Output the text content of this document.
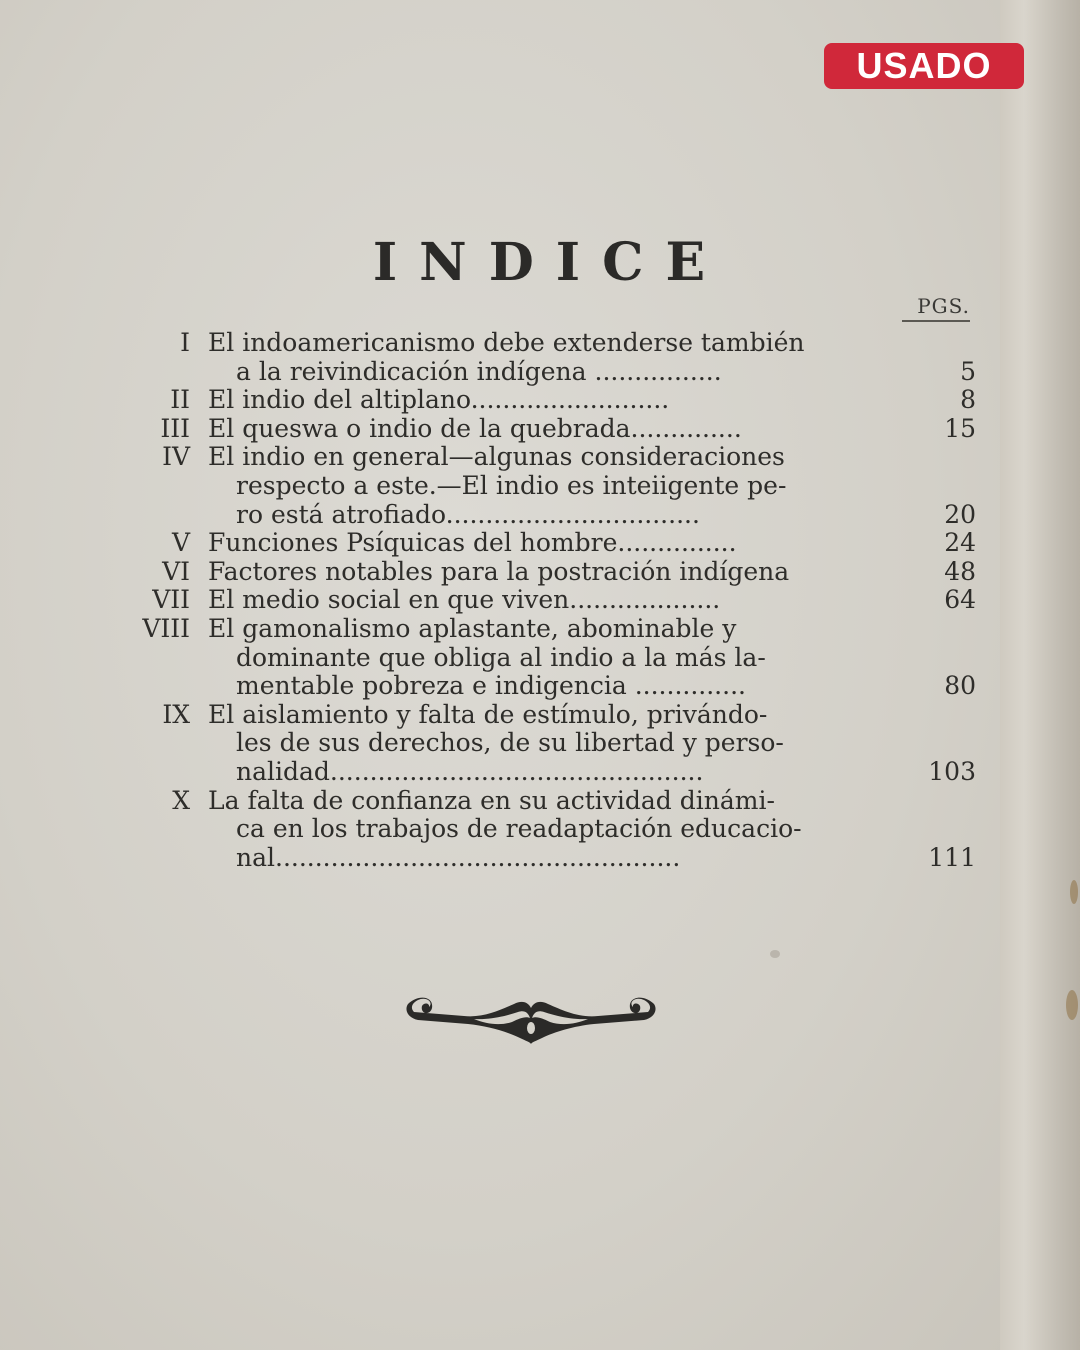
USADO
INDICE
PGS.
I El indoamericanismo debe extenderse también
a la reivindicación indígena ................	5
II El indio del altiplano.........................	8
III El queswa o indio de la quebrada..............	15
IV El indio en general—algunas consideraciones
respecto a este.—El indio es inteiigente pe-
ro está atrofiado................................	20
V Funciones Psíquicas del hombre...............	24
VI Factores notables para la postración indígena	48
VII El medio social en que viven...................	64
VIII El gamonalismo aplastante, abominable y
dominante que obliga al indio a la más la-
mentable pobreza e indigencia ..............	80
IX El aislamiento y falta de estímulo, privándo-
les de sus derechos, de su libertad y perso-
nalidad...............................................	103
X La falta de confianza en su actividad dinámi-
ca en los trabajos de readaptación educacio-
nal...................................................	111
